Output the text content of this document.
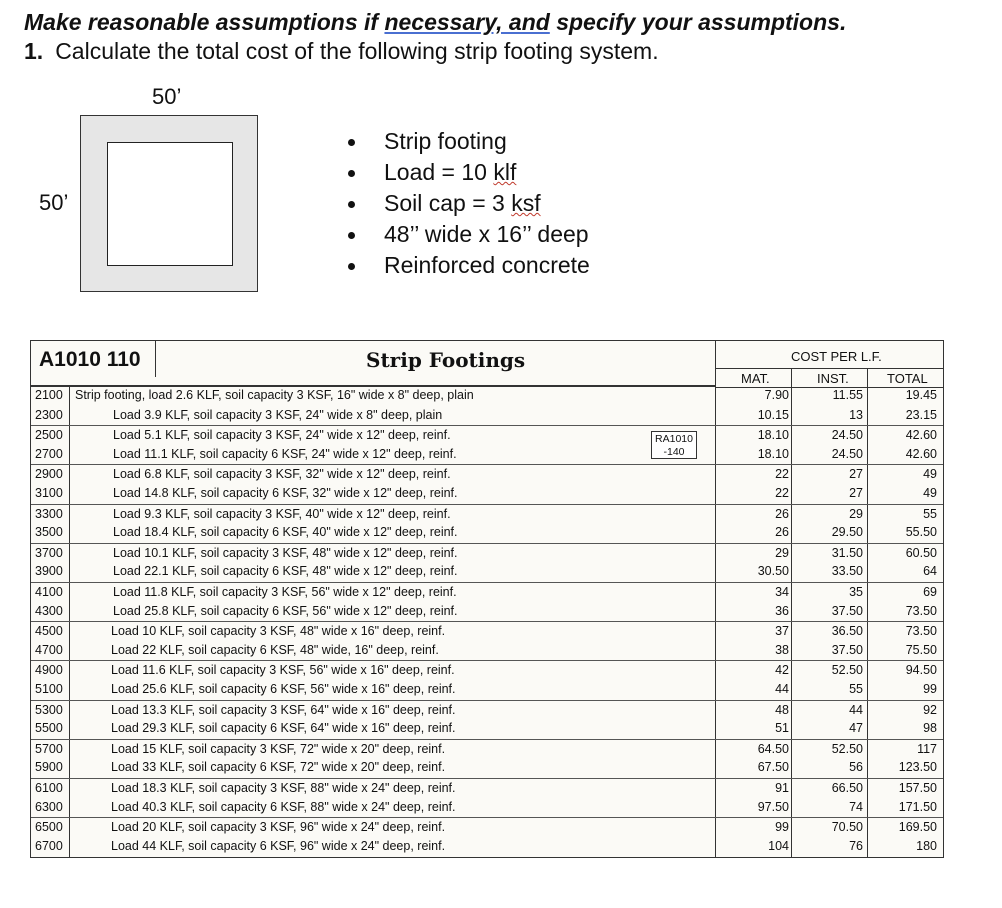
Make reasonable assumptions if necessary, and specify your assumptions.
1. Calculate the total cost of the following strip footing system.
50’
50’
Strip footing
Load = 10 klf
Soil cap = 3 ksf
48’’ wide x 16’’ deep
Reinforced concrete
A1010 110	Strip Footings	COST PER L.F.
MAT.	INST.	TOTAL
RA1010
-140
2100 Strip footing, load 2.6 KLF, soil capacity 3 KSF, 16" wide x 8" deep, plain	7.90	11.55	19.45
2300	Load 3.9 KLF, soil capacity 3 KSF, 24" wide x 8" deep, plain	10.15	13	23.15
2500	Load 5.1 KLF, soil capacity 3 KSF, 24" wide x 12" deep, reinf.	18.10	24.50	42.60
2700	Load 11.1 KLF, soil capacity 6 KSF, 24" wide x 12" deep, reinf.	18.10	24.50	42.60
2900	Load 6.8 KLF, soil capacity 3 KSF, 32" wide x 12" deep, reinf.	22	27	49
3100	Load 14.8 KLF, soil capacity 6 KSF, 32" wide x 12" deep, reinf.	22	27	49
3300	Load 9.3 KLF, soil capacity 3 KSF, 40" wide x 12" deep, reinf.	26	29	55
3500	Load 18.4 KLF, soil capacity 6 KSF, 40" wide x 12" deep, reinf.	26	29.50	55.50
3700	Load 10.1 KLF, soil capacity 3 KSF, 48" wide x 12" deep, reinf.	29	31.50	60.50
3900	Load 22.1 KLF, soil capacity 6 KSF, 48" wide x 12" deep, reinf.	30.50	33.50	64
4100	Load 11.8 KLF, soil capacity 3 KSF, 56" wide x 12" deep, reinf.	34	35	69
4300	Load 25.8 KLF, soil capacity 6 KSF, 56" wide x 12" deep, reinf.	36	37.50	73.50
4500	Load 10 KLF, soil capacity 3 KSF, 48" wide x 16" deep, reinf.	37	36.50	73.50
4700	Load 22 KLF, soil capacity 6 KSF, 48" wide, 16" deep, reinf.	38	37.50	75.50
4900	Load 11.6 KLF, soil capacity 3 KSF, 56" wide x 16" deep, reinf.	42	52.50	94.50
5100	Load 25.6 KLF, soil capacity 6 KSF, 56" wide x 16" deep, reinf.	44	55	99
5300	Load 13.3 KLF, soil capacity 3 KSF, 64" wide x 16" deep, reinf.	48	44	92
5500	Load 29.3 KLF, soil capacity 6 KSF, 64" wide x 16" deep, reinf.	51	47	98
5700	Load 15 KLF, soil capacity 3 KSF, 72" wide x 20" deep, reinf.	64.50	52.50	117
5900	Load 33 KLF, soil capacity 6 KSF, 72" wide x 20" deep, reinf.	67.50	56	123.50
6100	Load 18.3 KLF, soil capacity 3 KSF, 88" wide x 24" deep, reinf.	91	66.50	157.50
6300	Load 40.3 KLF, soil capacity 6 KSF, 88" wide x 24" deep, reinf.	97.50	74	171.50
6500	Load 20 KLF, soil capacity 3 KSF, 96" wide x 24" deep, reinf.	99	70.50	169.50
6700	Load 44 KLF, soil capacity 6 KSF, 96" wide x 24" deep, reinf.	104	76	180
